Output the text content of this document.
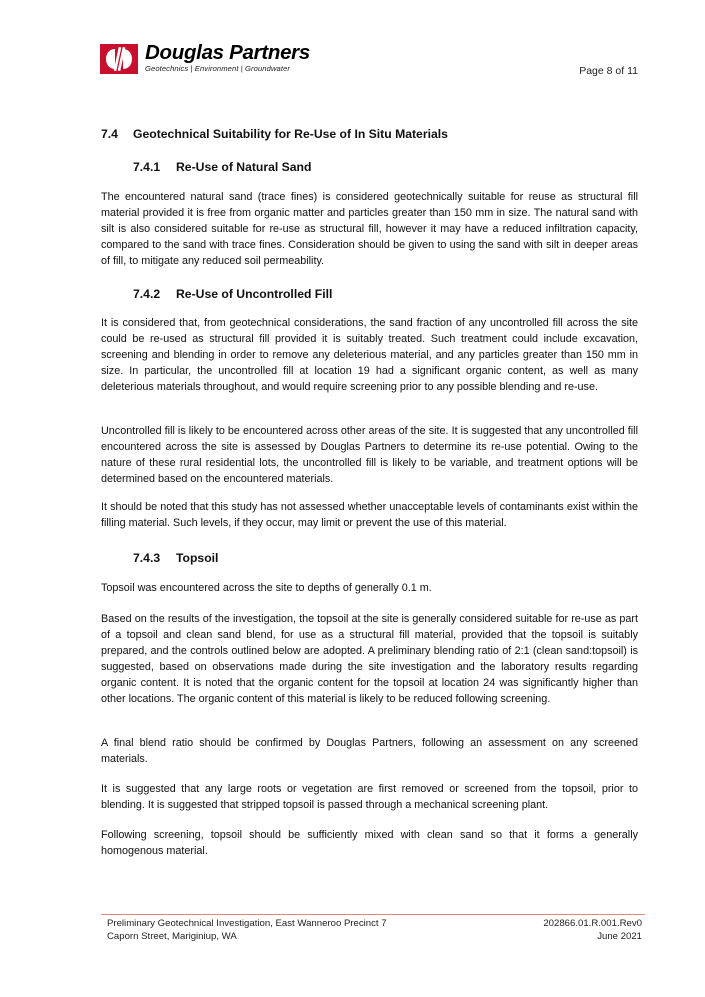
Douglas Partners
Geotechnics | Environment | Groundwater	Page 8 of 11
7.4 Geotechnical Suitability for Re-Use of In Situ Materials
7.4.1 Re-Use of Natural Sand

The encountered natural sand (trace fines) is considered geotechnically suitable for reuse as structural fill material provided it is free from organic matter and particles greater than 150 mm in size. The natural sand with silt is also considered suitable for re-use as structural fill, however it may have a reduced infiltration capacity, compared to the sand with trace fines. Consideration should be given to using the sand with silt in deeper areas of fill, to mitigate any reduced soil permeability.

7.4.2 Re-Use of Uncontrolled Fill

It is considered that, from geotechnical considerations, the sand fraction of any uncontrolled fill across the site could be re-used as structural fill provided it is suitably treated. Such treatment could include excavation, screening and blending in order to remove any deleterious material, and any particles greater than 150 mm in size. In particular, the uncontrolled fill at location 19 had a significant organic content, as well as many deleterious materials throughout, and would require screening prior to any possible blending and re-use.

Uncontrolled fill is likely to be encountered across other areas of the site. It is suggested that any uncontrolled fill encountered across the site is assessed by Douglas Partners to determine its re-use potential. Owing to the nature of these rural residential lots, the uncontrolled fill is likely to be variable, and treatment options will be determined based on the encountered materials.

It should be noted that this study has not assessed whether unacceptable levels of contaminants exist within the filling material. Such levels, if they occur, may limit or prevent the use of this material.

7.4.3 Topsoil

Topsoil was encountered across the site to depths of generally 0.1 m.

Based on the results of the investigation, the topsoil at the site is generally considered suitable for re-use as part of a topsoil and clean sand blend, for use as a structural fill material, provided that the topsoil is suitably prepared, and the controls outlined below are adopted. A preliminary blending ratio of 2:1 (clean sand:topsoil) is suggested, based on observations made during the site investigation and the laboratory results regarding organic content. It is noted that the organic content for the topsoil at location 24 was significantly higher than other locations. The organic content of this material is likely to be reduced following screening.

A final blend ratio should be confirmed by Douglas Partners, following an assessment on any screened materials.

It is suggested that any large roots or vegetation are first removed or screened from the topsoil, prior to blending. It is suggested that stripped topsoil is passed through a mechanical screening plant.

Following screening, topsoil should be sufficiently mixed with clean sand so that it forms a generally homogenous material.

Preliminary Geotechnical Investigation, East Wanneroo Precinct 7
Caporn Street, Mariginiup, WA
202866.01.R.001.Rev0
June 2021
